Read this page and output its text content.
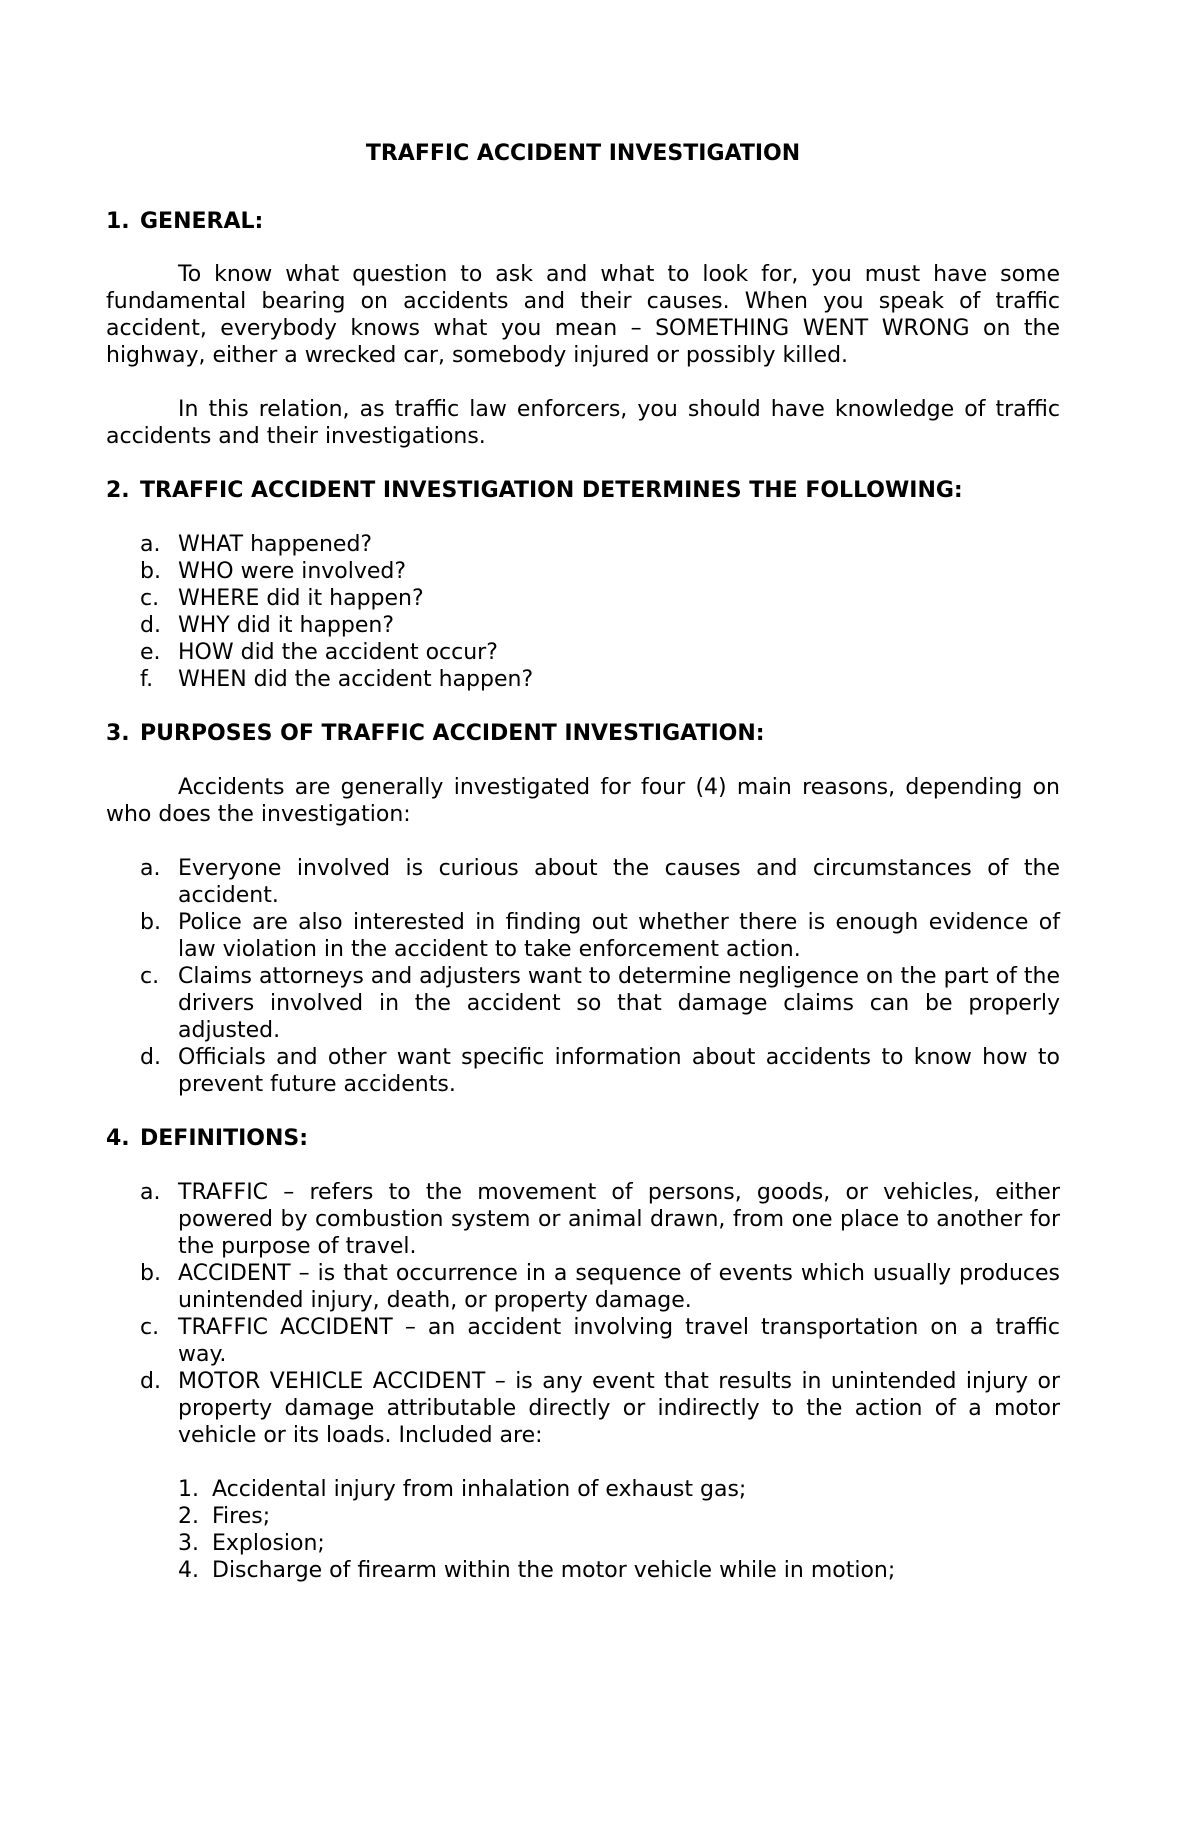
TRAFFIC ACCIDENT INVESTIGATION
1. GENERAL:

To know what question to ask and what to look for, you must have some fundamental bearing on accidents and their causes. When you speak of traffic accident, everybody knows what you mean – SOMETHING WENT WRONG on the highway, either a wrecked car, somebody injured or possibly killed.

In this relation, as traffic law enforcers, you should have knowledge of traffic accidents and their investigations.

2. TRAFFIC ACCIDENT INVESTIGATION DETERMINES THE FOLLOWING:
a. WHAT happened?
b. WHO were involved?
c. WHERE did it happen?
d. WHY did it happen?
e. HOW did the accident occur?
f.	WHEN did the accident happen?
3. PURPOSES OF TRAFFIC ACCIDENT INVESTIGATION:

Accidents are generally investigated for four (4) main reasons, depending on who does the investigation:

a. Everyone involved is curious about the causes and circumstances of the accident.
b. Police are also interested in finding out whether there is enough evidence of law violation in the accident to take enforcement action.
c. Claims attorneys and adjusters want to determine negligence on the part of the drivers involved in the accident so that damage claims can be properly adjusted.
d. Officials and other want specific information about accidents to know how to prevent future accidents.
4. DEFINITIONS:
a. TRAFFIC – refers to the movement of persons, goods, or vehicles, either powered by combustion system or animal drawn, from one place to another for the purpose of travel.
b. ACCIDENT – is that occurrence in a sequence of events which usually produces unintended injury, death, or property damage.
c. TRAFFIC ACCIDENT – an accident involving travel transportation on a traffic way.
d. MOTOR VEHICLE ACCIDENT – is any event that results in unintended injury or property damage attributable directly or indirectly to the action of a motor vehicle or its loads. Included are:
1. Accidental injury from inhalation of exhaust gas;
2. Fires;
3. Explosion;
4. Discharge of firearm within the motor vehicle while in motion;
